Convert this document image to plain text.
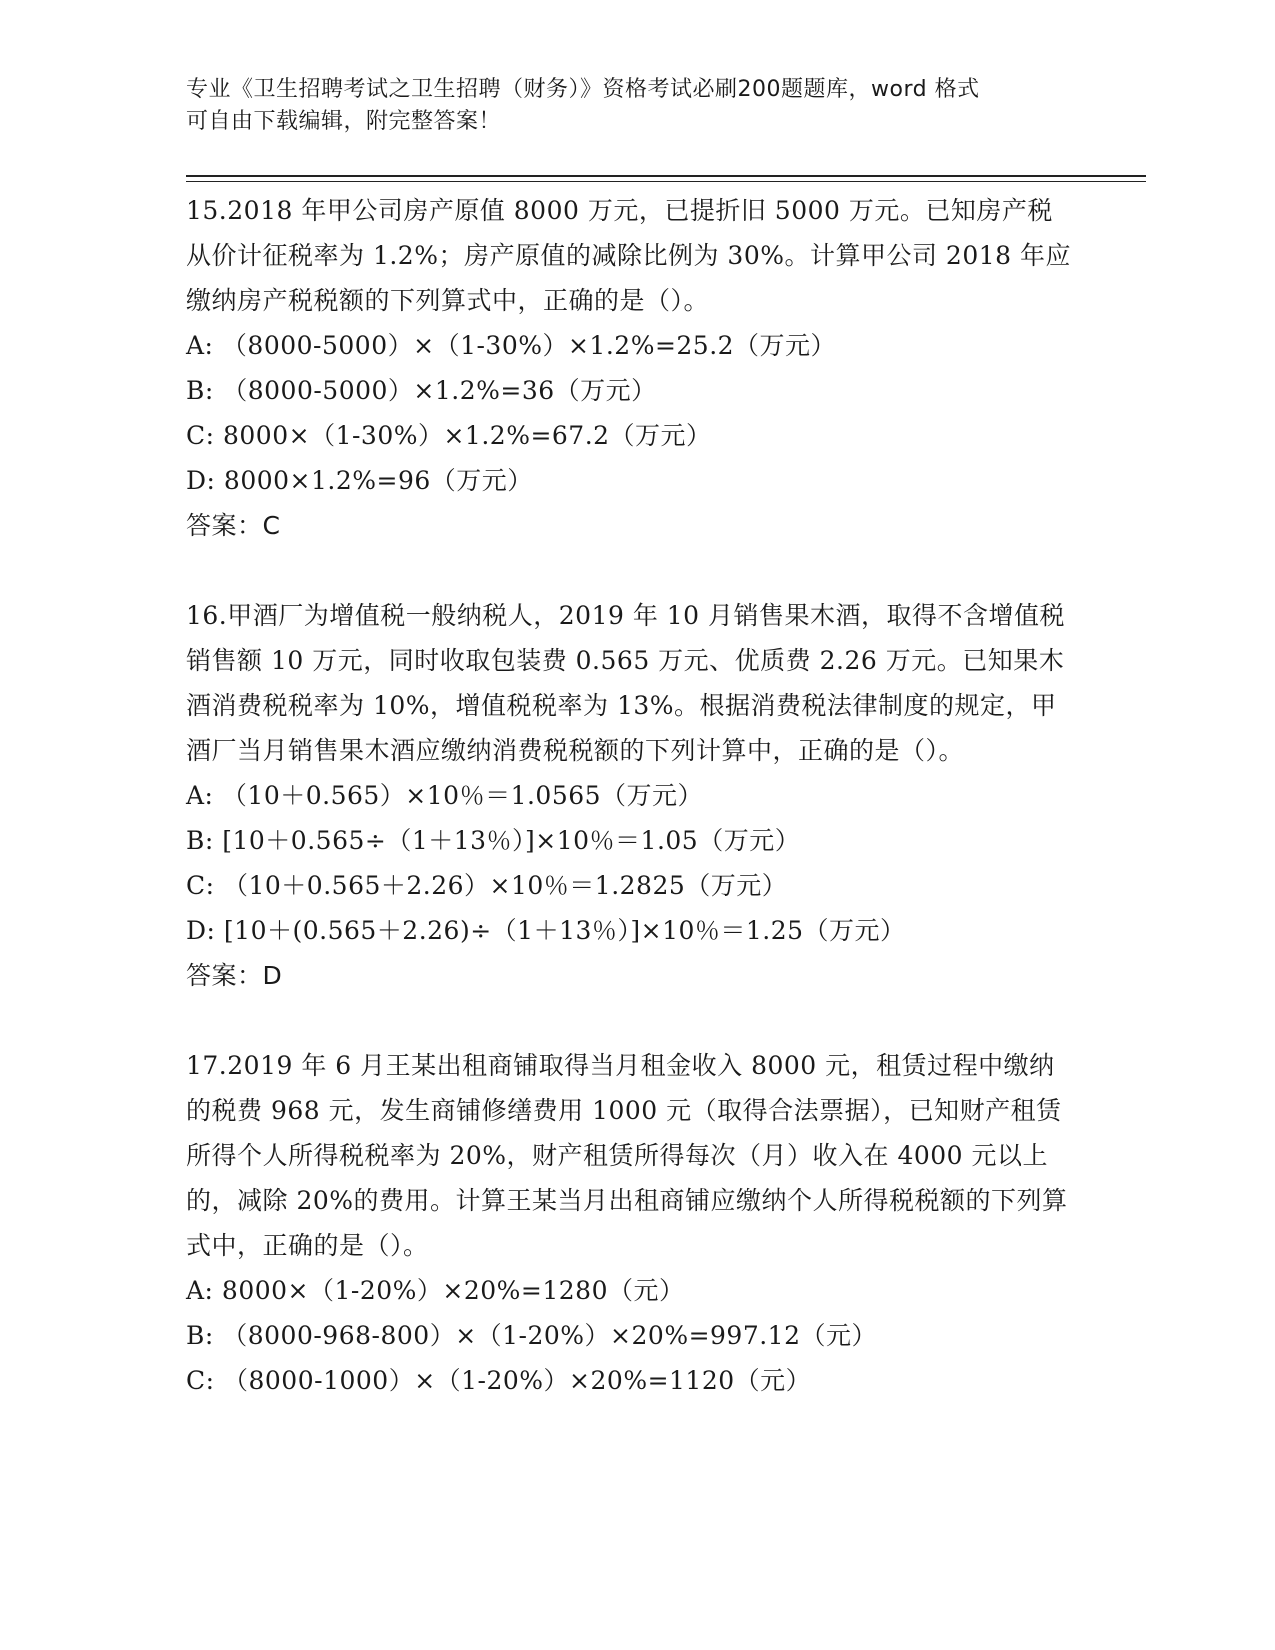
专业《卫生招聘考试之卫生招聘（财务）》资格考试必刷200题题库，word 格式
可自由下载编辑，附完整答案！
15.2018 年甲公司房产原值 8000 万元，已提折旧 5000 万元。已知房产税从价计征税率为 1.2%；房产原值的减除比例为 30%。计算甲公司 2018 年应缴纳房产税税额的下列算式中，正确的是（）。
A: （8000-5000）×（1-30%）×1.2%=25.2（万元）
B: （8000-5000）×1.2%=36（万元）
C: 8000×（1-30%）×1.2%=67.2（万元）
D: 8000×1.2%=96（万元）
答案：C
16.甲酒厂为增值税一般纳税人，2019 年 10 月销售果木酒，取得不含增值税销售额 10 万元，同时收取包装费 0.565 万元、优质费 2.26 万元。已知果木酒消费税税率为 10%，增值税税率为 13%。根据消费税法律制度的规定，甲酒厂当月销售果木酒应缴纳消费税税额的下列计算中，正确的是（）。
A: （10＋0.565）×10％＝1.0565（万元）
B: [10＋0.565÷（1＋13％）]×10％＝1.05（万元）
C: （10＋0.565＋2.26）×10％＝1.2825（万元）
D: [10＋(0.565＋2.26)÷（1＋13％）]×10％＝1.25（万元）
答案：D
17.2019 年 6 月王某出租商铺取得当月租金收入 8000 元，租赁过程中缴纳的税费 968 元，发生商铺修缮费用 1000 元（取得合法票据），已知财产租赁所得个人所得税税率为 20%，财产租赁所得每次（月）收入在 4000 元以上的，减除 20%的费用。计算王某当月出租商铺应缴纳个人所得税税额的下列算式中，正确的是（）。
A: 8000×（1-20%）×20%=1280（元）
B: （8000-968-800）×（1-20%）×20%=997.12（元）
C: （8000-1000）×（1-20%）×20%=1120（元）
